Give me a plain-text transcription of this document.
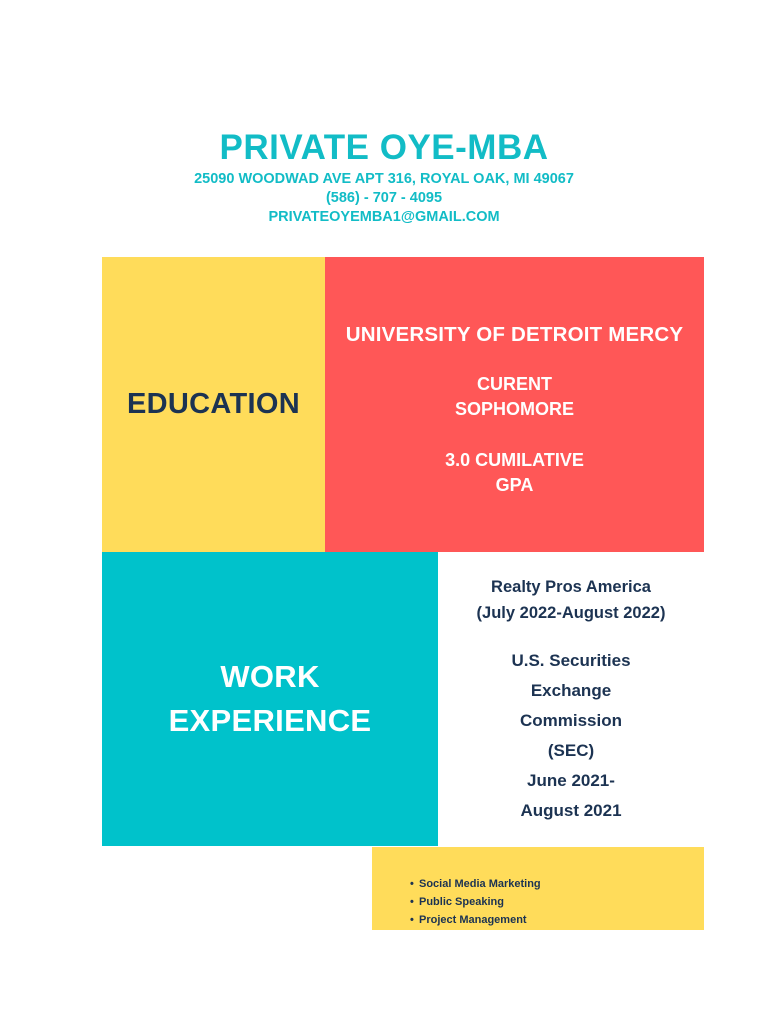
PRIVATE OYE-MBA
25090 WOODWAD AVE APT 316, ROYAL OAK, MI 49067
(586) - 707 - 4095
PRIVATEOYEMBA1@GMAIL.COM
EDUCATION
UNIVERSITY OF DETROIT MERCY
CURENT
SOPHOMORE
3.0 CUMILATIVE
GPA
WORK
EXPERIENCE
Realty Pros America
(July 2022-August 2022)
U.S. Securities
Exchange
Commission
(SEC)
June 2021-
August 2021
• Social Media Marketing
• Public Speaking
• Project Management
